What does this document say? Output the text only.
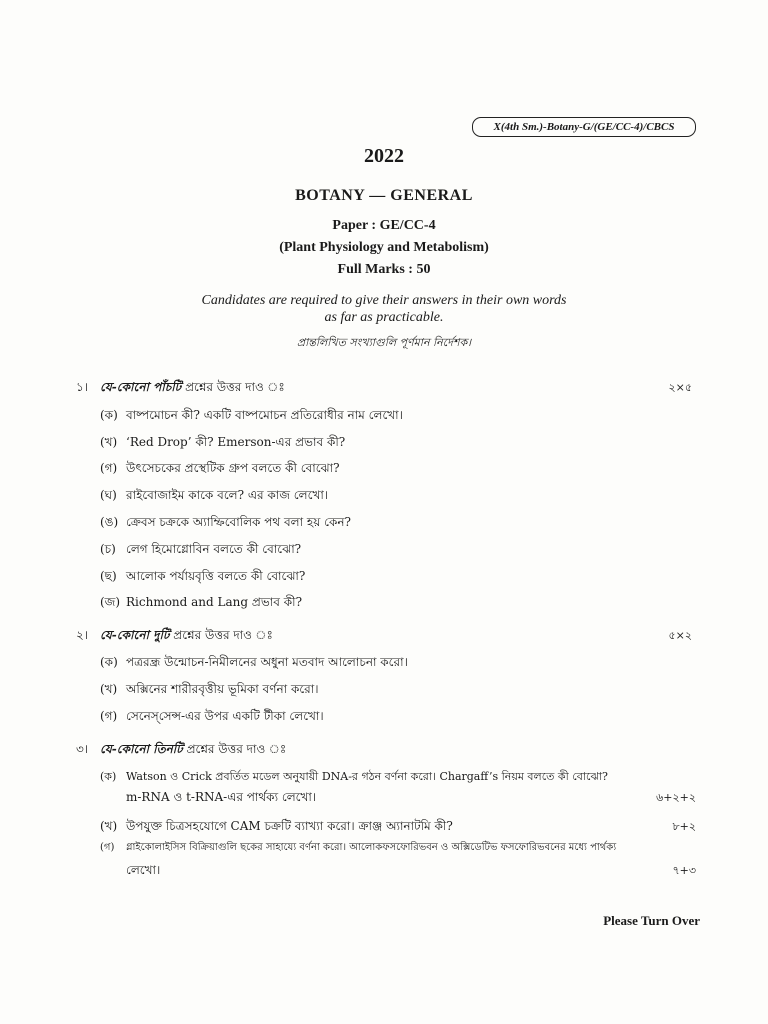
X(4th Sm.)-Botany-G/(GE/CC-4)/CBCS
2022
BOTANY — GENERAL
Paper : GE/CC-4
(Plant Physiology and Metabolism)
Full Marks : 50
Candidates are required to give their answers in their own words
as far as practicable.
প্রান্তলিখিত সংখ্যাগুলি পূর্ণমান নির্দেশক।
১। যে-কোনো পাঁচটি প্রশ্নের উত্তর দাও ঃ	২×৫
(ক) বাষ্পমোচন কী? একটি বাষ্পমোচন প্রতিরোধীর নাম লেখো।
(খ) ‘Red Drop’ কী? Emerson-এর প্রভাব কী?
(গ) উৎসেচকের প্রস্থেটিক গ্রুপ বলতে কী বোঝো?
(ঘ) রাইবোজাইম কাকে বলে? এর কাজ লেখো।
(ঙ) ক্রেবস চক্রকে অ্যাম্ফিবোলিক পথ বলা হয় কেন?
(চ) লেগ হিমোগ্লোবিন বলতে কী বোঝো?
(ছ) আলোক পর্যায়বৃত্তি বলতে কী বোঝো?
(জ) Richmond and Lang প্রভাব কী?
২। যে-কোনো দুটি প্রশ্নের উত্তর দাও ঃ	৫×২
(ক) পত্ররন্ধ্র উন্মোচন-নিমীলনের অধুনা মতবাদ আলোচনা করো।
(খ) অক্সিনের শারীরবৃত্তীয় ভূমিকা বর্ণনা করো।
(গ) সেনেস্‌সেন্স-এর উপর একটি টীকা লেখো।
৩। যে-কোনো তিনটি প্রশ্নের উত্তর দাও ঃ
(ক) Watson ও Crick প্রবর্তিত মডেল অনুযায়ী DNA-র গঠন বর্ণনা করো। Chargaff’s নিয়ম বলতে কী বোঝো?
m-RNA ও t-RNA-এর পার্থক্য লেখো।	৬+২+২
(খ) উপযুক্ত চিত্রসহযোগে CAM চক্রটি ব্যাখ্যা করো। ক্রাঞ্জ অ্যানাটমি কী?	৮+২
(গ) গ্লাইকোলাইসিস বিক্রিয়াগুলি ছকের সাহায্যে বর্ণনা করো। আলোকফসফোরিভবন ও অক্সিডেটিভ ফসফোরিভবনের মধ্যে পার্থক্য
লেখো।	৭+৩
Please Turn Over
